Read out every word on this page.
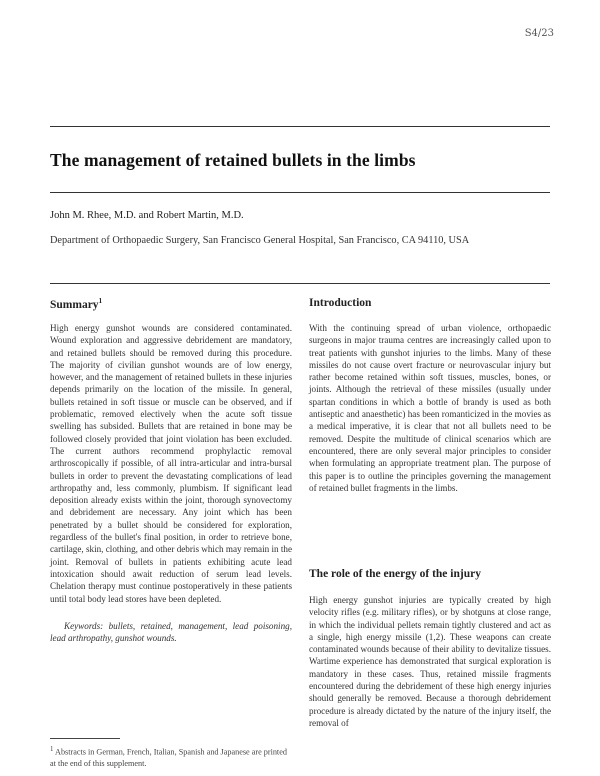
S4/23
The management of retained bullets in the limbs
John M. Rhee, M.D. and Robert Martin, M.D.
Department of Orthopaedic Surgery, San Francisco General Hospital, San Francisco, CA 94110, USA
Summary$^1$

High energy gunshot wounds are considered contaminated. Wound exploration and aggressive debridement are mandatory, and retained bullets should be removed during this procedure. The majority of civilian gunshot wounds are of low energy, however, and the management of retained bullets in these injuries depends primarily on the location of the missile. In general, bullets retained in soft tissue or muscle can be observed, and if problematic, removed electively when the acute soft tissue swelling has subsided. Bullets that are retained in bone may be followed closely provided that joint violation has been excluded. The current authors recommend prophylactic removal arthroscopically if possible, of all intra-articular and intra-bursal bullets in order to prevent the devastating complications of lead arthropathy and, less commonly, plumbism. If significant lead deposition already exists within the joint, thorough synovectomy and debridement are necessary. Any joint which has been penetrated by a bullet should be considered for exploration, regardless of the bullet's final position, in order to retrieve bone, cartilage, skin, clothing, and other debris which may remain in the joint. Removal of bullets in patients exhibiting acute lead intoxication should await reduction of serum lead levels. Chelation therapy must continue postoperatively in these patients until total body lead stores have been depleted.

Keywords: bullets, retained, management, lead poisoning, lead arthropathy, gunshot wounds.

$^1$ Abstracts in German, French, Italian, Spanish and Japanese are printed at the end of this supplement.
Introduction

With the continuing spread of urban violence, orthopaedic surgeons in major trauma centres are increasingly called upon to treat patients with gunshot injuries to the limbs. Many of these missiles do not cause overt fracture or neurovascular injury but rather become retained within soft tissues, muscles, bones, or joints. Although the retrieval of these missiles (usually under spartan conditions in which a bottle of brandy is used as both antiseptic and anaesthetic) has been romanticized in the movies as a medical imperative, it is clear that not all bullets need to be removed. Despite the multitude of clinical scenarios which are encountered, there are only several major principles to consider when formulating an appropriate treatment plan. The purpose of this paper is to outline the principles governing the management of retained bullet fragments in the limbs.

The role of the energy of the injury

High energy gunshot injuries are typically created by high velocity rifles (e.g. military rifles), or by shotguns at close range, in which the individual pellets remain tightly clustered and act as a single, high energy missile (1,2). These weapons can create contaminated wounds because of their ability to devitalize tissues. Wartime experience has demonstrated that surgical exploration is mandatory in these cases. Thus, retained missile fragments encountered during the debridement of these high energy injuries should generally be removed. Because a thorough debridement procedure is already dictated by the nature of the injury itself, the removal of
